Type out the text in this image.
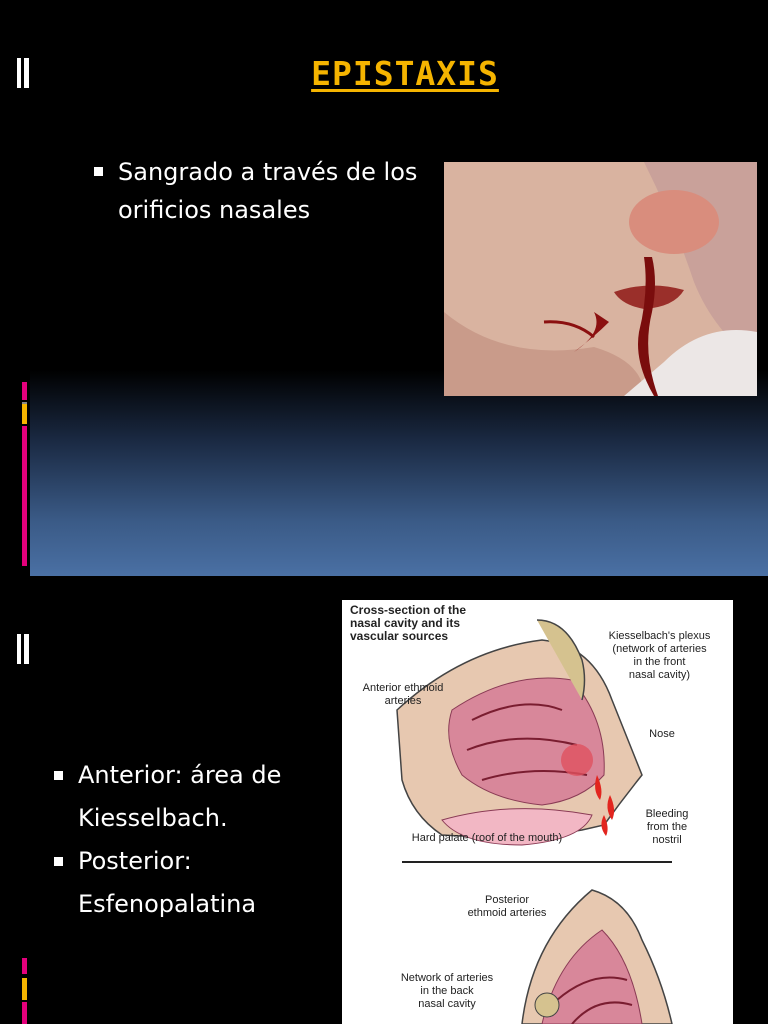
EPISTAXIS
Sangrado a través de los orificios nasales
Anterior: área de Kiesselbach.
Posterior: Esfenopalatina
Cross-section of the
nasal cavity and its
vascular sources	Kiesselbach's plexus
(network of arteries
in the front
nasal cavity)
Anterior ethmoid
arteries
Nose
Bleeding
from the
nostril
Hard palate (roof of the mouth)
Posterior
ethmoid arteries
Network of arteries
in the back
nasal cavity
